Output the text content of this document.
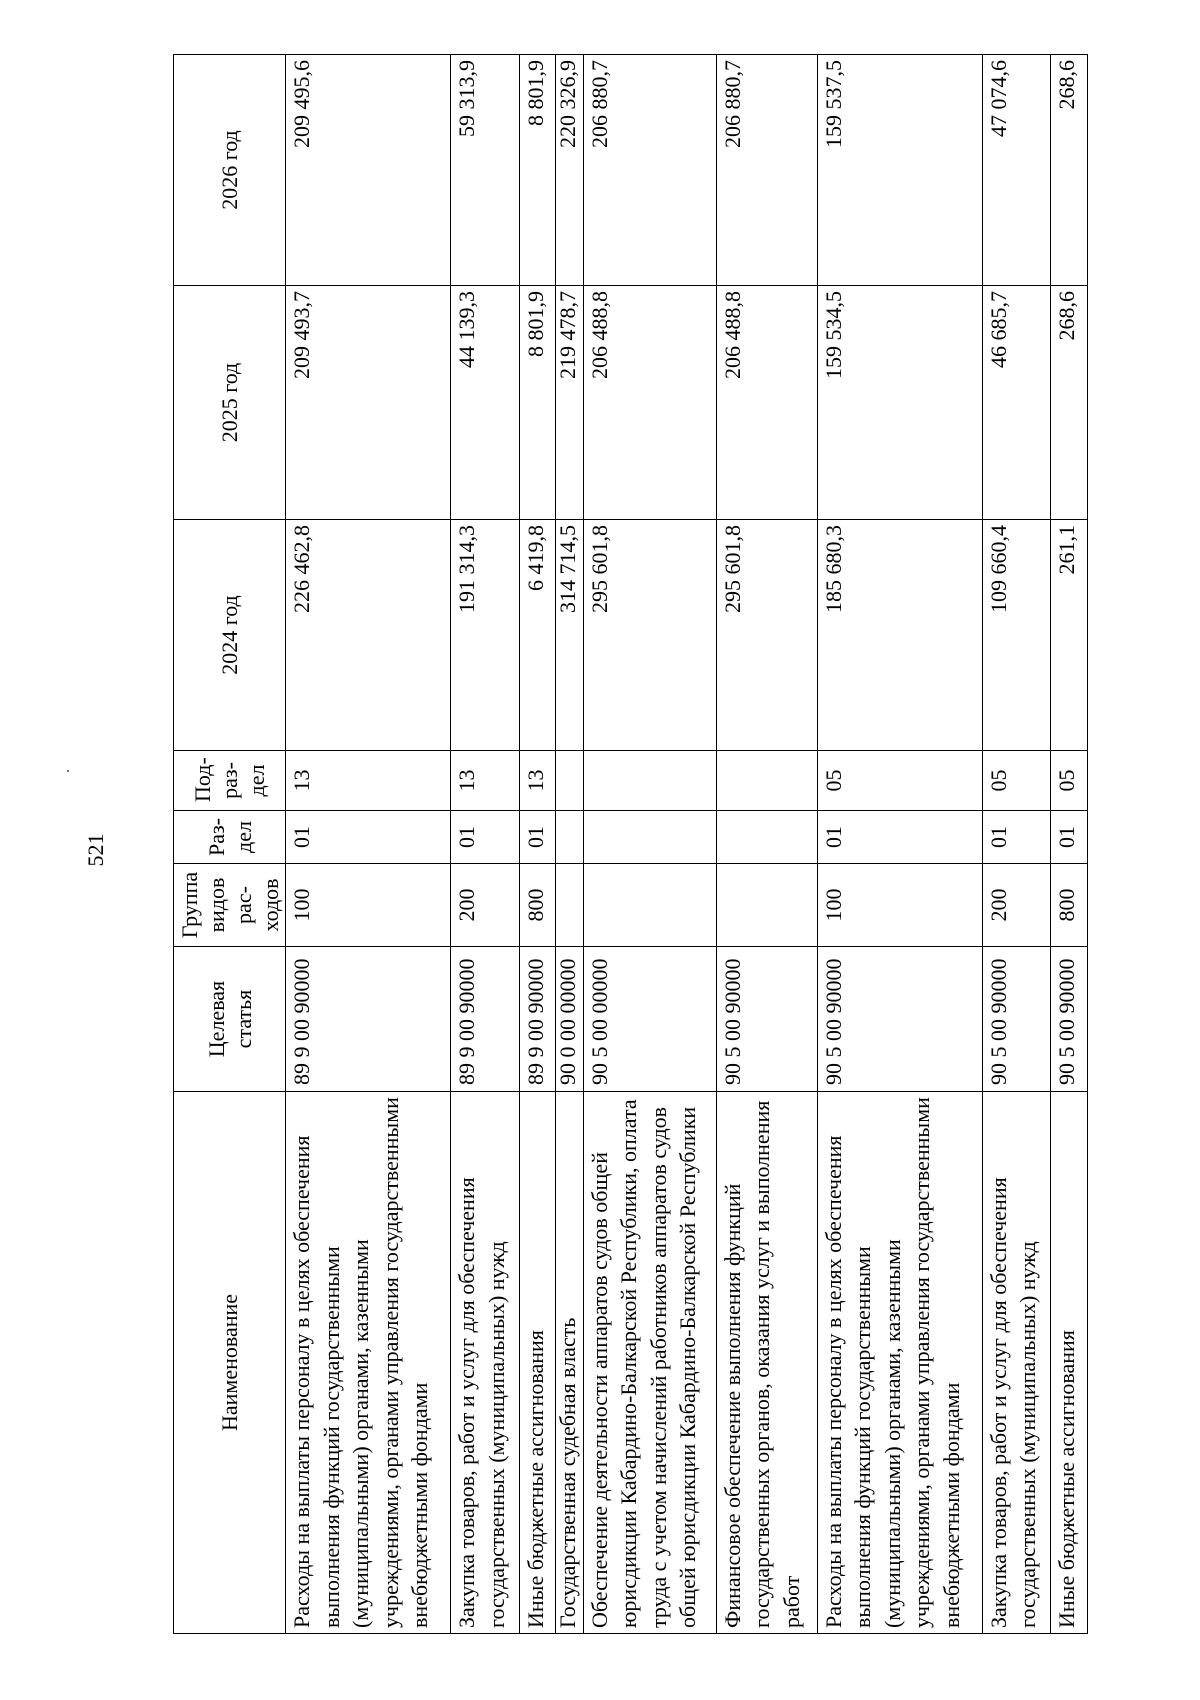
521
Наименование	Целевая статья	Группа видов рас- ходов	Раз- дел	Под- раз- дел	2024 год	2025 год	2026 год
Расходы на выплаты персоналу в целях обеспечения выполнения функций государственными (муниципальными) органами, казенными учреждениями, органами управления государственными внебюджетными фондами	89 9 00 90000	100	01	13	226 462,8	209 493,7	209 495,6
Закупка товаров, работ и услуг для обеспечения государственных (муниципальных) нужд	89 9 00 90000	200	01	13	191 314,3	44 139,3	59 313,9
Иные бюджетные ассигнования	89 9 00 90000	800	01	13	6 419,8	8 801,9	8 801,9
Государственная судебная власть	90 0 00 00000				314 714,5	219 478,7	220 326,9
Обеспечение деятельности аппаратов судов общей юрисдикции Кабардино-Балкарской Республики, оплата труда с учетом начислений работников аппаратов судов общей юрисдикции Кабардино-Балкарской Республики	90 5 00 00000				295 601,8	206 488,8	206 880,7
Финансовое обеспечение выполнения функций государственных органов, оказания услуг и выполнения работ	90 5 00 90000				295 601,8	206 488,8	206 880,7
Расходы на выплаты персоналу в целях обеспечения выполнения функций государственными (муниципальными) органами, казенными учреждениями, органами управления государственными внебюджетными фондами	90 5 00 90000	100	01	05	185 680,3	159 534,5	159 537,5
Закупка товаров, работ и услуг для обеспечения государственных (муниципальных) нужд	90 5 00 90000	200	01	05	109 660,4	46 685,7	47 074,6
Иные бюджетные ассигнования	90 5 00 90000	800	01	05	261,1	268,6	268,6
